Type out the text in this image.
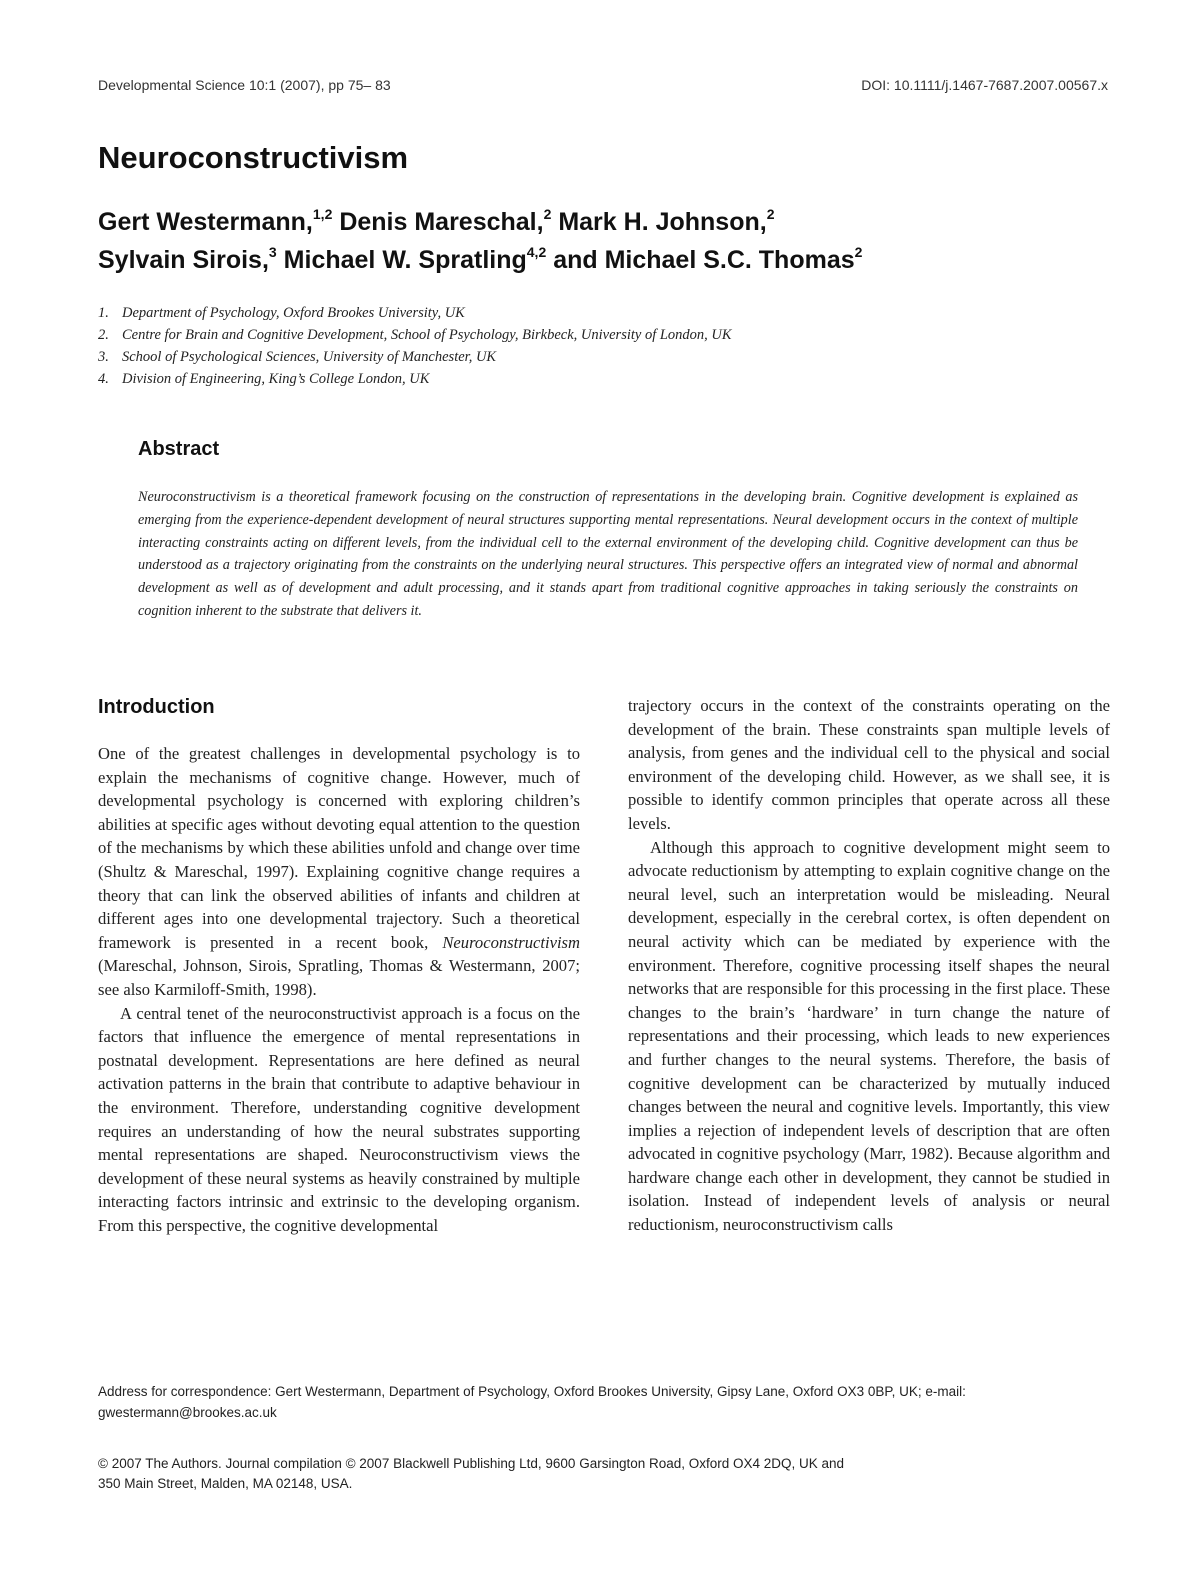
Developmental Science 10:1 (2007), pp 75– 83	DOI: 10.1111/j.1467-7687.2007.00567.x
Neuroconstructivism
Gert Westermann,$^{1,2}$ Denis Mareschal,$^2$ Mark H. Johnson,$^2$
Sylvain Sirois,$^3$ Michael W. Spratling$^{4,2}$ and Michael S.C. Thomas$^2$
1. Department of Psychology, Oxford Brookes University, UK
2. Centre for Brain and Cognitive Development, School of Psychology, Birkbeck, University of London, UK
3. School of Psychological Sciences, University of Manchester, UK
4. Division of Engineering, King’s College London, UK
Abstract

Neuroconstructivism is a theoretical framework focusing on the construction of representations in the developing brain. Cognitive development is explained as emerging from the experience-dependent development of neural structures supporting mental representations. Neural development occurs in the context of multiple interacting constraints acting on different levels, from the individual cell to the external environment of the developing child. Cognitive development can thus be understood as a trajectory originating from the constraints on the underlying neural structures. This perspective offers an integrated view of normal and abnormal development as well as of development and adult processing, and it stands apart from traditional cognitive approaches in taking seriously the constraints on cognition inherent to the substrate that delivers it.

Introduction

One of the greatest challenges in developmental psychology is to explain the mechanisms of cognitive change. However, much of developmental psychology is concerned with exploring children’s abilities at specific ages without devoting equal attention to the question of the mechanisms by which these abilities unfold and change over time (Shultz & Mareschal, 1997). Explaining cognitive change requires a theory that can link the observed abilities of infants and children at different ages into one developmental trajectory. Such a theoretical framework is presented in a recent book, Neuroconstructivism (Mareschal, Johnson, Sirois, Spratling, Thomas & Westermann, 2007; see also Karmiloff-Smith, 1998).

A central tenet of the neuroconstructivist approach is a focus on the factors that influence the emergence of mental representations in postnatal development. Representations are here defined as neural activation patterns in the brain that contribute to adaptive behaviour in the environment. Therefore, understanding cognitive development requires an understanding of how the neural substrates supporting mental representations are shaped. Neuroconstructivism views the development of these neural systems as heavily constrained by multiple interacting factors intrinsic and extrinsic to the developing organism. From this perspective, the cognitive developmental

trajectory occurs in the context of the constraints operating on the development of the brain. These constraints span multiple levels of analysis, from genes and the individual cell to the physical and social environment of the developing child. However, as we shall see, it is possible to identify common principles that operate across all these levels.

Although this approach to cognitive development might seem to advocate reductionism by attempting to explain cognitive change on the neural level, such an interpretation would be misleading. Neural development, especially in the cerebral cortex, is often dependent on neural activity which can be mediated by experience with the environment. Therefore, cognitive processing itself shapes the neural networks that are responsible for this processing in the first place. These changes to the brain’s ‘hardware’ in turn change the nature of representations and their processing, which leads to new experiences and further changes to the neural systems. Therefore, the basis of cognitive development can be characterized by mutually induced changes between the neural and cognitive levels. Importantly, this view implies a rejection of independent levels of description that are often advocated in cognitive psychology (Marr, 1982). Because algorithm and hardware change each other in development, they cannot be studied in isolation. Instead of independent levels of analysis or neural reductionism, neuroconstructivism calls

Address for correspondence: Gert Westermann, Department of Psychology, Oxford Brookes University, Gipsy Lane, Oxford OX3 0BP, UK; e-mail: gwestermann@brookes.ac.uk

© 2007 The Authors. Journal compilation © 2007 Blackwell Publishing Ltd, 9600 Garsington Road, Oxford OX4 2DQ, UK and
350 Main Street, Malden, MA 02148, USA.
